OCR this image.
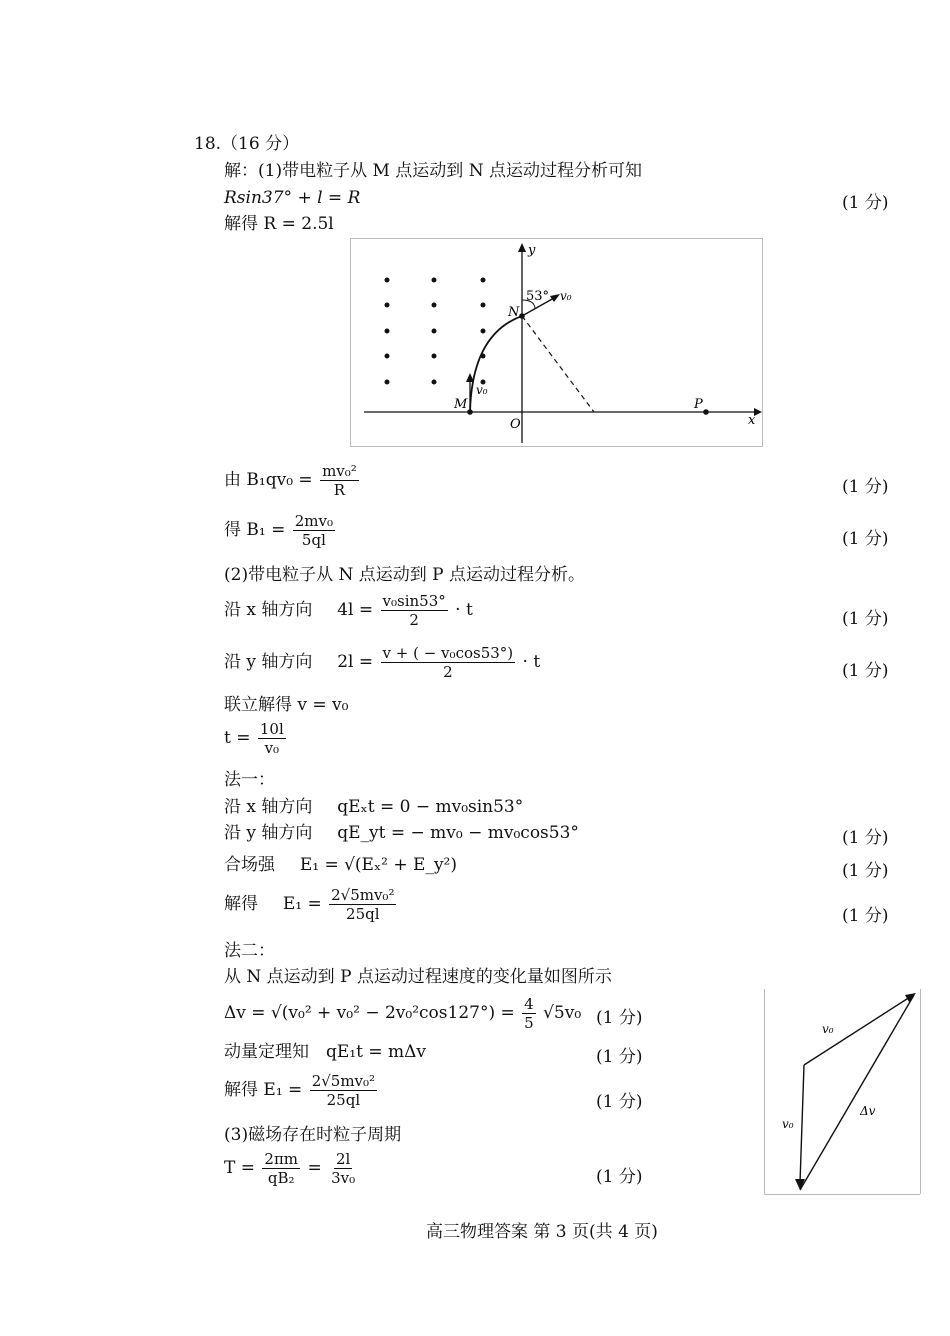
18.（16 分）
解：(1)带电粒子从 M 点运动到 N 点运动过程分析可知
Rsin37° + l = R	(1 分)
解得 R = 2.5l
y
x
O
M
N
P
53° v₀
v₀
由 $B_1qv_0 = \frac{\text{mv₀²}}{R}$	(1 分)
得 $B_1 = \frac{\text{2mv₀}}{5ql}$	(1 分)
(2)带电粒子从 N 点运动到 P 点运动过程分析。
沿 x 轴方向 $4l = \frac{\text{v₀sin53°}}{2} \cdot t$	(1 分)
沿 y 轴方向 $2l = \frac{\text{v + ( − v₀cos53°)}}{2} \cdot t$	(1 分)
联立解得 v = v₀
$t = \frac{10l}{\text{v₀}}$
法一：
沿 x 轴方向 qEₓt = 0 − mv₀sin53°
沿 y 轴方向 qE_yt = − mv₀ − mv₀cos53°	(1 分)
合场强 E₁ = √(Eₓ² + E_y²)	(1 分)
解得 $E_1 = \frac{\text{2√5mv₀²}}{25ql}$	(1 分)
法二：
从 N 点运动到 P 点运动过程速度的变化量如图所示
$\Delta v = √(v_0^2 + v_0^2 - 2v_0^2\cos 127^\circ) = \frac{4}{5} √5v_0$ (1 分)
动量定理知　qE₁t = mΔv	(1 分)
解得 $E_1 = \frac{\text{2√5mv₀²}}{25ql}$	(1 分)
(3)磁场存在时粒子周期
$T = \frac{2\pi m}{\text{qB₂}} = \frac{2l}{\text{3v₀}}$	(1 分)
v₀
v₀
Δv
高三物理答案 第 3 页(共 4 页)
